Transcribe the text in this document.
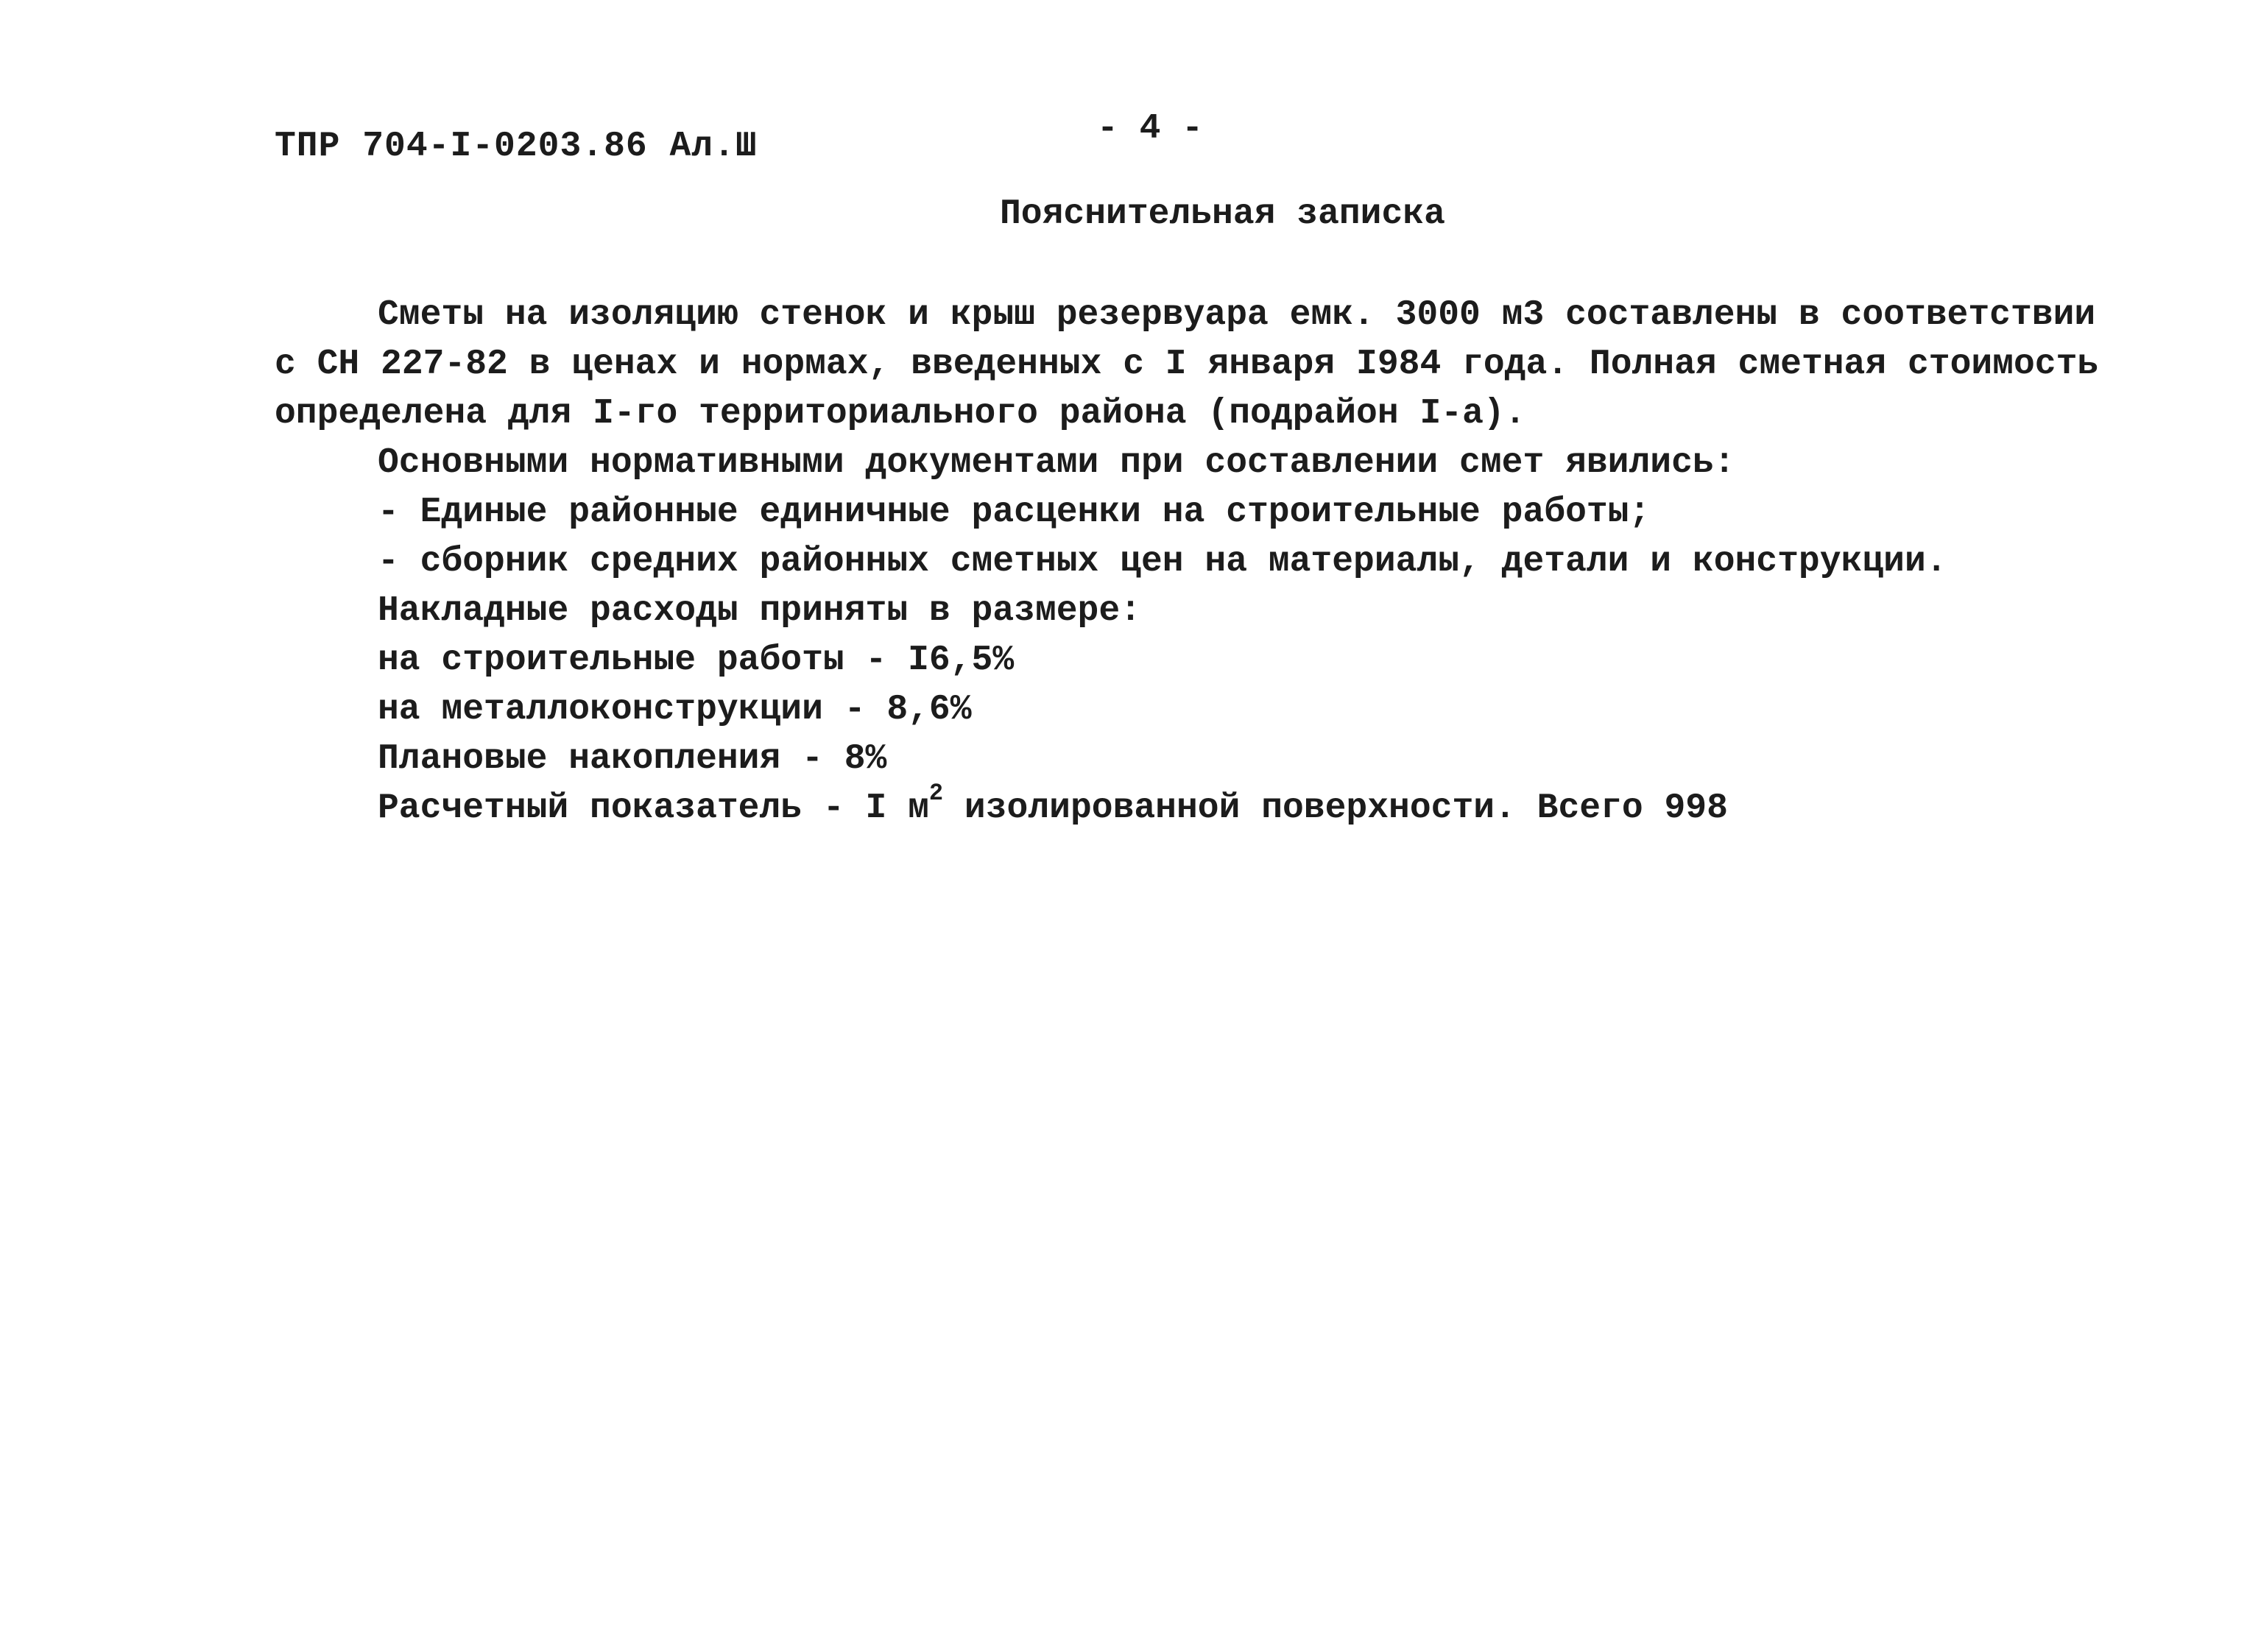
ТПР 704-I-0203.86 Ал.Ш	- 4 -
Пояснительная записка
Сметы на изоляцию стенок и крыш резервуара емк. 3000 м3 составлены в соответствии
с СН 227-82 в ценах и нормах, введенных с I января I984 года. Полная сметная стоимость
определена для I-го территориального района (подрайон I-а).
Основными нормативными документами при составлении смет явились:
- Единые районные единичные расценки на строительные работы;
- сборник средних районных сметных цен на материалы, детали и конструкции.
Накладные расходы приняты в размере:
на строительные работы - I6,5%
на металлоконструкции - 8,6%
Плановые накопления - 8%
Расчетный показатель - I $м^2$ изолированной поверхности. Всего 998
